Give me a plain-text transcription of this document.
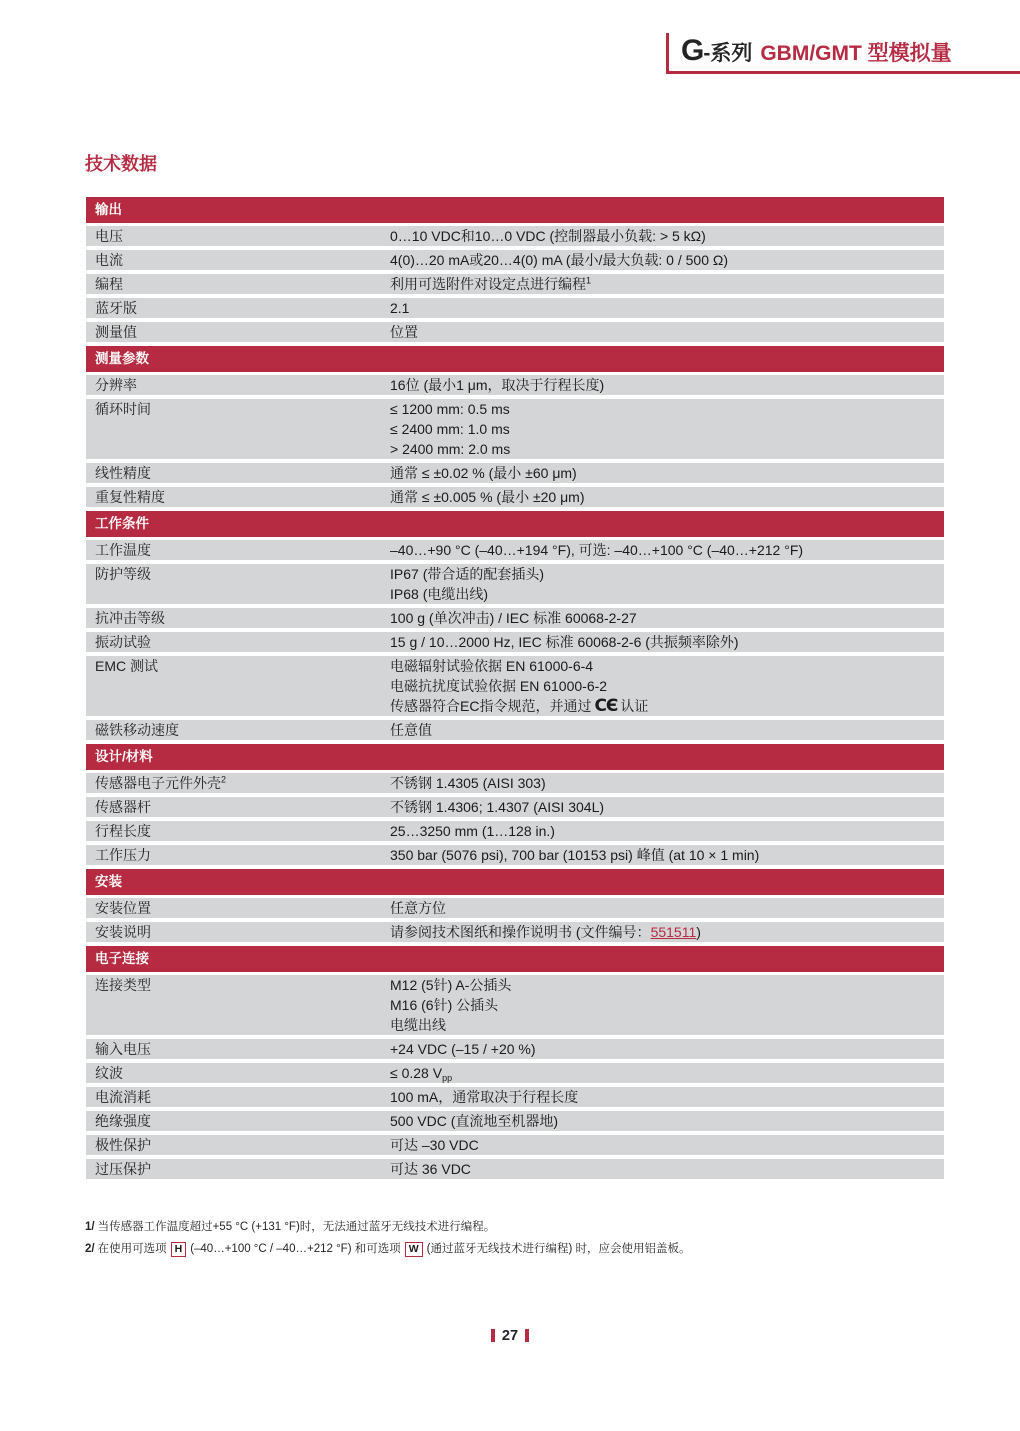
G -系列 GBM/GMT 型模拟量
技术数据
输出
电压	0…10 VDC和10…0 VDC (控制器最小负载: > 5 kΩ)
电流	4(0)…20 mA或20…4(0) mA (最小/最大负载: 0 / 500 Ω)
编程	利用可选附件对设定点进行编程$^1$
蓝牙版	2.1
测量值	位置
测量参数
分辨率	16位 (最小1 μm，取决于行程长度)
循环时间	≤ 1200 mm: 0.5 ms
≤ 2400 mm: 1.0 ms
> 2400 mm: 2.0 ms
线性精度	通常 ≤ ±0.02 % (最小 ±60 μm)
重复性精度	通常 ≤ ±0.005 % (最小 ±20 μm)
工作条件
工作温度	–40…+90 °C (–40…+194 °F), 可选: –40…+100 °C (–40…+212 °F)
防护等级	IP67 (带合适的配套插头)
IP68 (电缆出线)
抗冲击等级	100 g (单次冲击) / IEC 标准 60068-2-27
振动试验	15 g / 10…2000 Hz, IEC 标准 60068-2-6 (共振频率除外)
EMC 测试	电磁辐射试验依据 EN 61000-6-4
电磁抗扰度试验依据 EN 61000-6-2
传感器符合EC指令规范，并通过 CЄ 认证
磁铁移动速度	任意值
设计/材料
传感器电子元件外壳$^2$	不锈钢 1.4305 (AISI 303)
传感器杆	不锈钢 1.4306; 1.4307 (AISI 304L)
行程长度	25…3250 mm (1…128 in.)
工作压力	350 bar (5076 psi), 700 bar (10153 psi) 峰值 (at 10 × 1 min)
安装
安装位置	任意方位
安装说明	请参阅技术图纸和操作说明书 (文件编号：551511)
电子连接
连接类型	M12 (5针) A-公插头
M16 (6针) 公插头
电缆出线
输入电压	+24 VDC (–15 / +20 %)
纹波	≤ 0.28 $V_{pp}$
电流消耗	100 mA，通常取决于行程长度
绝缘强度	500 VDC (直流地至机器地)
极性保护	可达 –30 VDC
过压保护	可达 36 VDC
1/ 当传感器工作温度超过+55 °C (+131 °F)时，无法通过蓝牙无线技术进行编程。
2/ 在使用可选项 H (–40…+100 °C / –40…+212 °F) 和可选项 W (通过蓝牙无线技术进行编程) 时，应会使用铝盖板。
27
